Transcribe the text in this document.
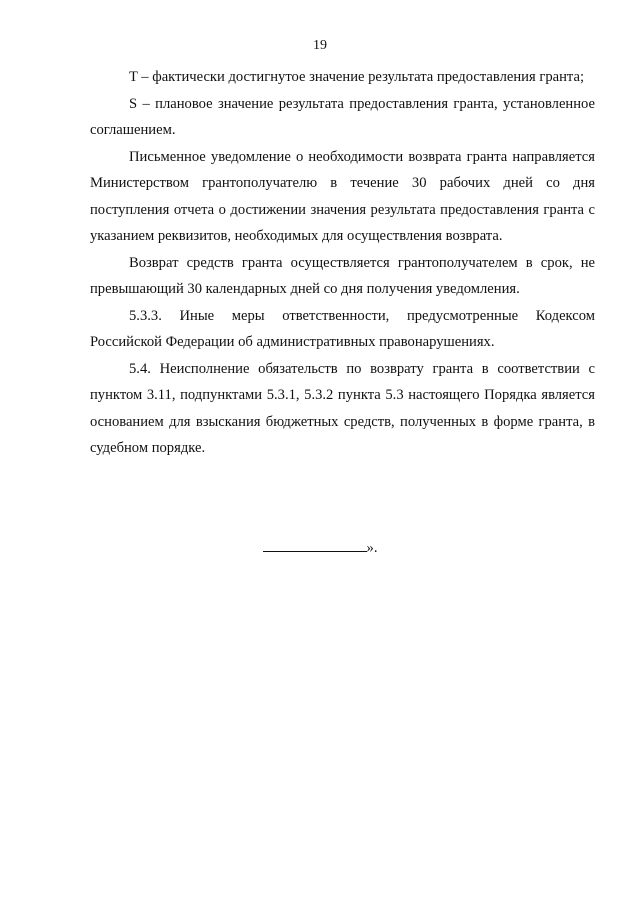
19

T – фактически достигнутое значение результата предоставления гранта;

S – плановое значение результата предоставления гранта, установленное соглашением.

Письменное уведомление о необходимости возврата гранта направляется Министерством грантополучателю в течение 30 рабочих дней со дня поступления отчета о достижении значения результата предоставления гранта с указанием реквизитов, необходимых для осуществления возврата.

Возврат средств гранта осуществляется грантополучателем в срок, не превышающий 30 календарных дней со дня получения уведомления.

5.3.3. Иные меры ответственности, предусмотренные Кодексом Российской Федерации об административных правонарушениях.

5.4. Неисполнение обязательств по возврату гранта в соответствии с пунктом 3.11, подпунктами 5.3.1, 5.3.2 пункта 5.3 настоящего Порядка является основанием для взыскания бюджетных средств, полученных в форме гранта, в судебном порядке.

».
